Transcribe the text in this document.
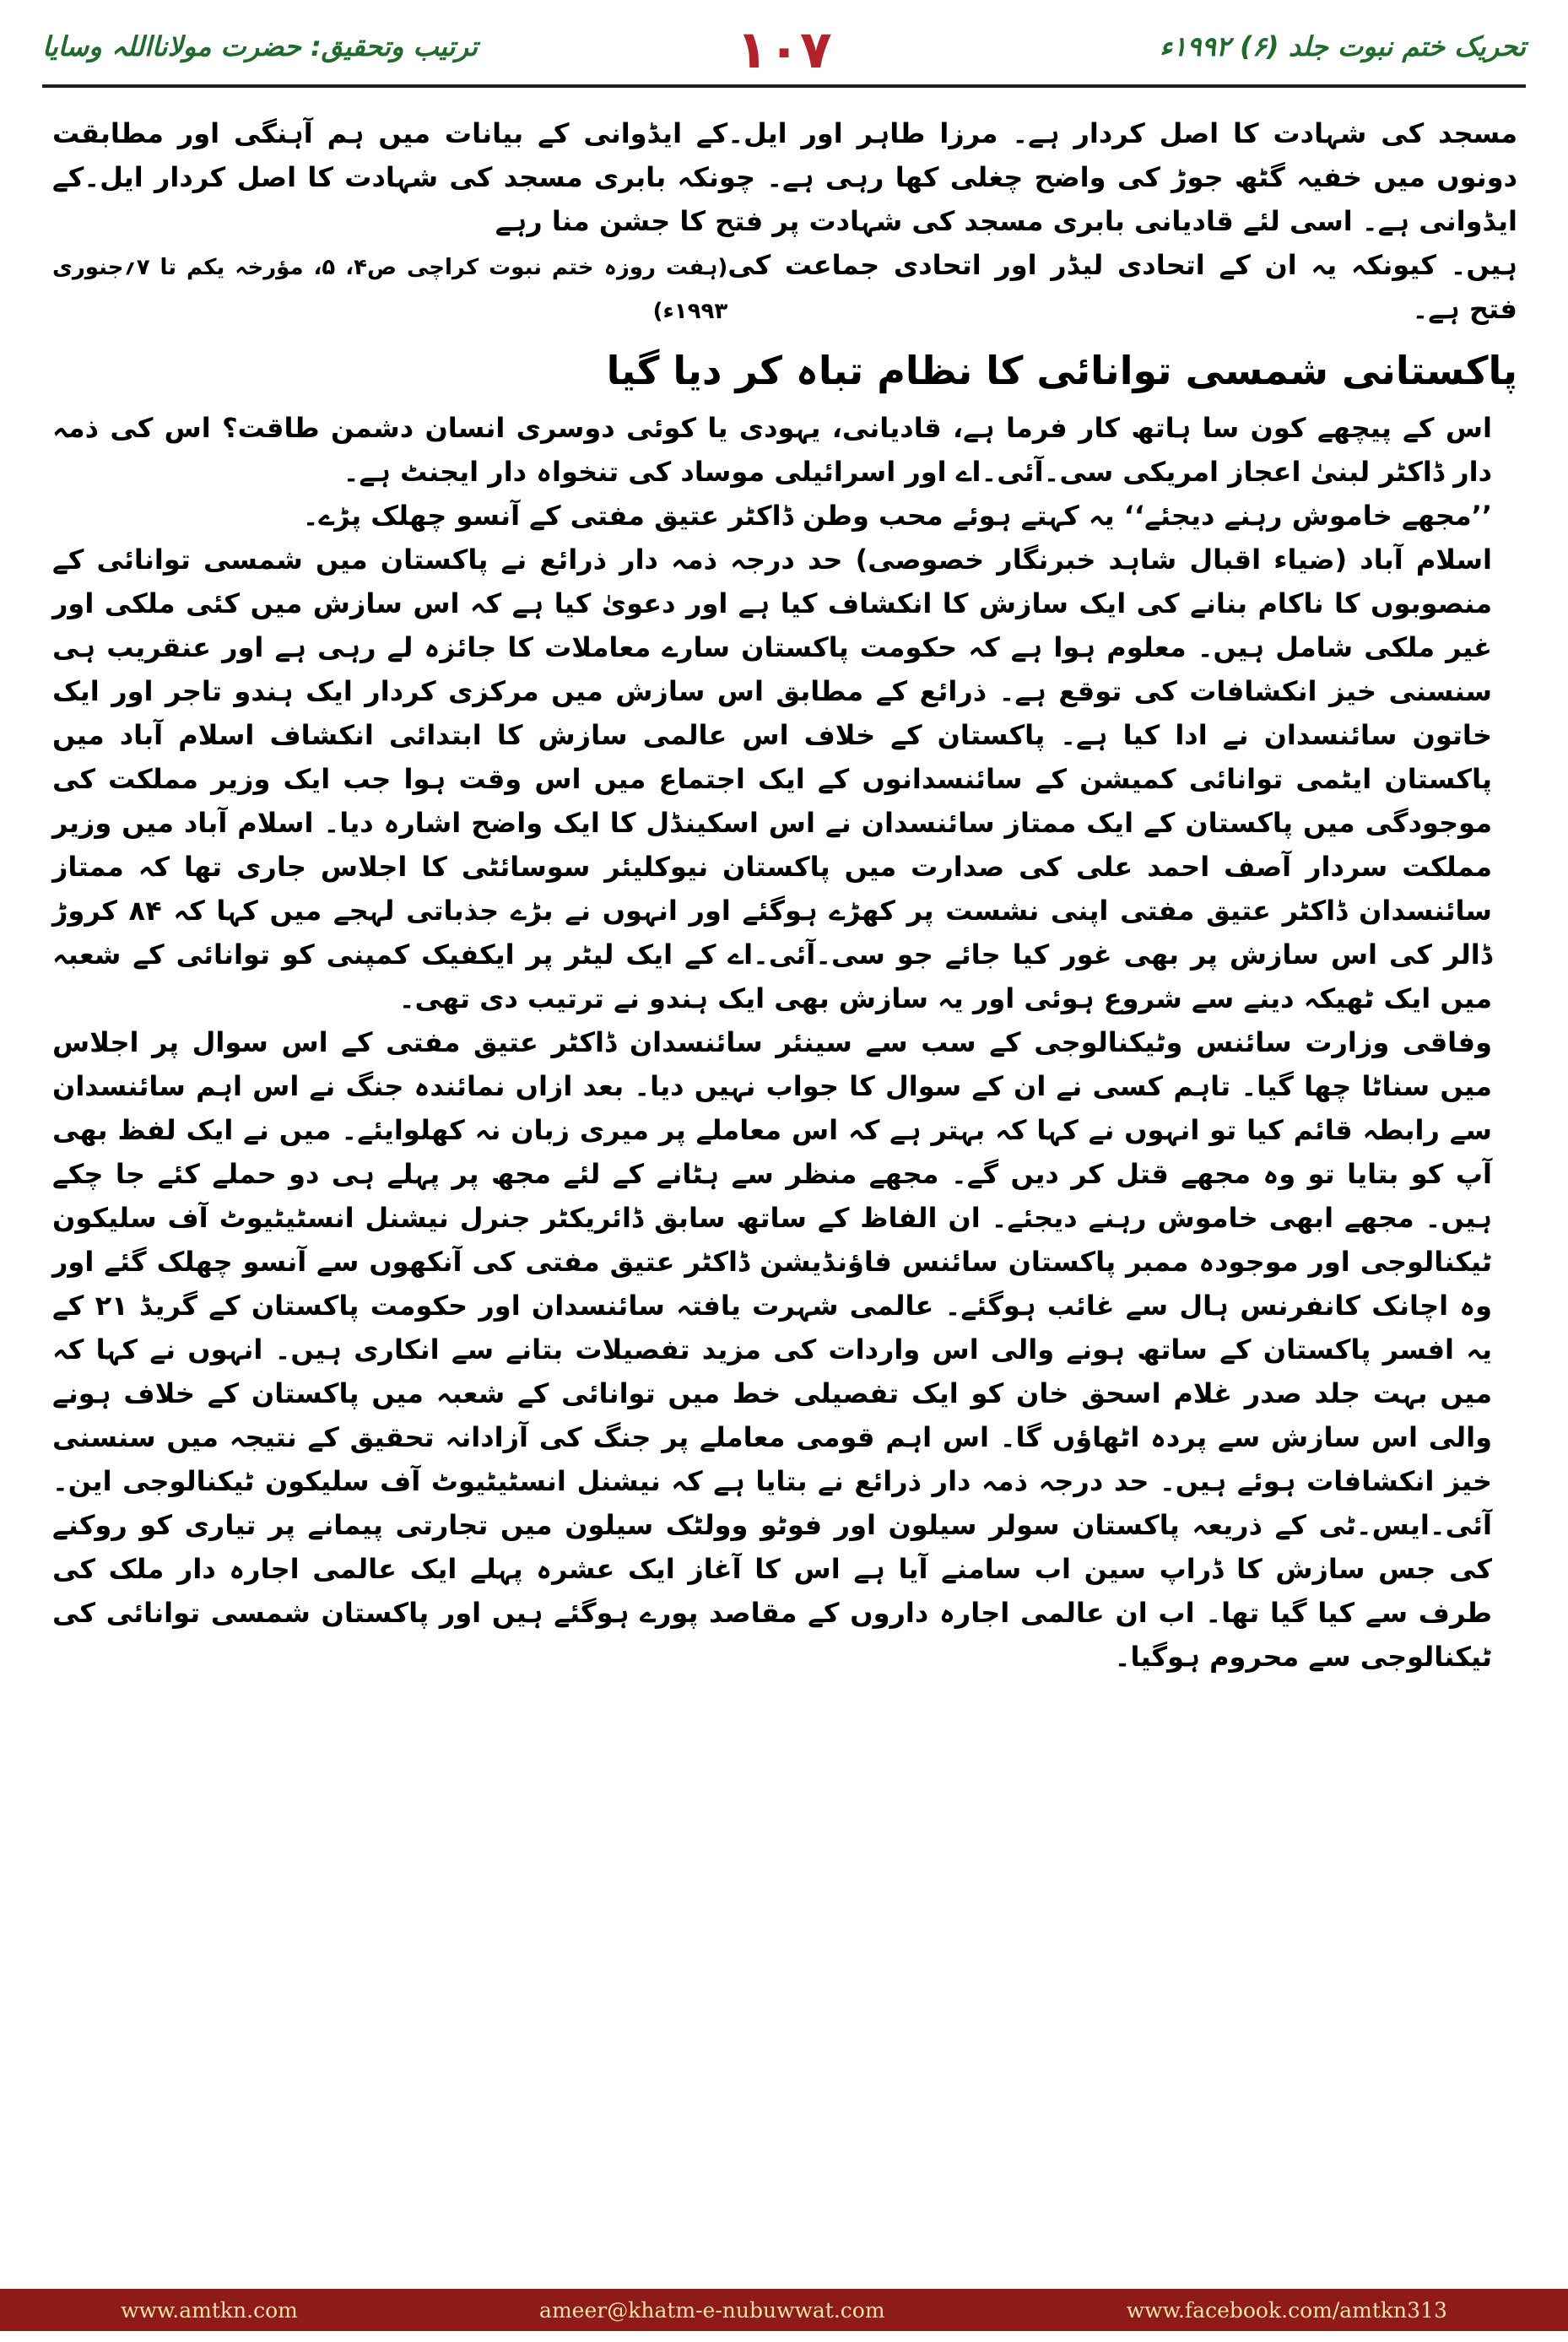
تحریک ختم نبوت جلد (۶) ۱۹۹۲ء
۱۰۷
ترتیب وتحقیق: حضرت مولانااللہ وسایا

مسجد کی شہادت کا اصل کردار ہے۔ مرزا طاہر اور ایل۔کے ایڈوانی کے بیانات میں ہم آہنگی اور مطابقت دونوں میں خفیہ گٹھ جوڑ کی واضح چغلی کھا رہی ہے۔ چونکہ بابری مسجد کی شہادت کا اصل کردار ایل۔کے ایڈوانی ہے۔ اسی لئے قادیانی بابری مسجد کی شہادت پر فتح کا جشن منا رہے

ہیں۔ کیونکہ یہ ان کے اتحادی لیڈر اور اتحادی جماعت کی فتح ہے۔
(ہفت روزہ ختم نبوت کراچی ص۴، ۵، مؤرخہ یکم تا ۷؍جنوری ۱۹۹۳ء)
پاکستانی شمسی توانائی کا نظام تباہ کر دیا گیا

اس کے پیچھے کون سا ہاتھ کار فرما ہے، قادیانی، یہودی یا کوئی دوسری انسان دشمن طاقت؟ اس کی ذمہ دار ڈاکٹر لبنیٰ اعجاز امریکی سی۔آئی۔اے اور اسرائیلی موساد کی تنخواہ دار ایجنٹ ہے۔

’’مجھے خاموش رہنے دیجئے‘‘ یہ کہتے ہوئے محب وطن ڈاکٹر عتیق مفتی کے آنسو چھلک پڑے۔

اسلام آباد (ضیاء اقبال شاہد خبرنگار خصوصی) حد درجہ ذمہ دار ذرائع نے پاکستان میں شمسی توانائی کے منصوبوں کا ناکام بنانے کی ایک سازش کا انکشاف کیا ہے اور دعویٰ کیا ہے کہ اس سازش میں کئی ملکی اور غیر ملکی شامل ہیں۔ معلوم ہوا ہے کہ حکومت پاکستان سارے معاملات کا جائزہ لے رہی ہے اور عنقریب ہی سنسنی خیز انکشافات کی توقع ہے۔ ذرائع کے مطابق اس سازش میں مرکزی کردار ایک ہندو تاجر اور ایک خاتون سائنسدان نے ادا کیا ہے۔ پاکستان کے خلاف اس عالمی سازش کا ابتدائی انکشاف اسلام آباد میں پاکستان ایٹمی توانائی کمیشن کے سائنسدانوں کے ایک اجتماع میں اس وقت ہوا جب ایک وزیر مملکت کی موجودگی میں پاکستان کے ایک ممتاز سائنسدان نے اس اسکینڈل کا ایک واضح اشارہ دیا۔ اسلام آباد میں وزیر مملکت سردار آصف احمد علی کی صدارت میں پاکستان نیوکلیئر سوسائٹی کا اجلاس جاری تھا کہ ممتاز سائنسدان ڈاکٹر عتیق مفتی اپنی نشست پر کھڑے ہوگئے اور انہوں نے بڑے جذباتی لہجے میں کہا کہ ۸۴ کروڑ ڈالر کی اس سازش پر بھی غور کیا جائے جو سی۔آئی۔اے کے ایک لیٹر پر ایکفیک کمپنی کو توانائی کے شعبہ میں ایک ٹھیکہ دینے سے شروع ہوئی اور یہ سازش بھی ایک ہندو نے ترتیب دی تھی۔

وفاقی وزارت سائنس وٹیکنالوجی کے سب سے سینئر سائنسدان ڈاکٹر عتیق مفتی کے اس سوال پر اجلاس میں سناٹا چھا گیا۔ تاہم کسی نے ان کے سوال کا جواب نہیں دیا۔ بعد ازاں نمائندہ جنگ نے اس اہم سائنسدان سے رابطہ قائم کیا تو انہوں نے کہا کہ بہتر ہے کہ اس معاملے پر میری زبان نہ کھلوایئے۔ میں نے ایک لفظ بھی آپ کو بتایا تو وہ مجھے قتل کر دیں گے۔ مجھے منظر سے ہٹانے کے لئے مجھ پر پہلے ہی دو حملے کئے جا چکے ہیں۔ مجھے ابھی خاموش رہنے دیجئے۔ ان الفاظ کے ساتھ سابق ڈائریکٹر جنرل نیشنل انسٹیٹیوٹ آف سلیکون ٹیکنالوجی اور موجودہ ممبر پاکستان سائنس فاؤنڈیشن ڈاکٹر عتیق مفتی کی آنکھوں سے آنسو چھلک گئے اور وہ اچانک کانفرنس ہال سے غائب ہوگئے۔ عالمی شہرت یافتہ سائنسدان اور حکومت پاکستان کے گریڈ ۲۱ کے یہ افسر پاکستان کے ساتھ ہونے والی اس واردات کی مزید تفصیلات بتانے سے انکاری ہیں۔ انہوں نے کہا کہ میں بہت جلد صدر غلام اسحق خان کو ایک تفصیلی خط میں توانائی کے شعبہ میں پاکستان کے خلاف ہونے والی اس سازش سے پردہ اٹھاؤں گا۔ اس اہم قومی معاملے پر جنگ کی آزادانہ تحقیق کے نتیجہ میں سنسنی خیز انکشافات ہوئے ہیں۔ حد درجہ ذمہ دار ذرائع نے بتایا ہے کہ نیشنل انسٹیٹیوٹ آف سلیکون ٹیکنالوجی این۔آئی۔ایس۔ٹی کے ذریعہ پاکستان سولر سیلون اور فوٹو وولٹک سیلون میں تجارتی پیمانے پر تیاری کو روکنے کی جس سازش کا ڈراپ سین اب سامنے آیا ہے اس کا آغاز ایک عشرہ پہلے ایک عالمی اجارہ دار ملک کی طرف سے کیا گیا تھا۔ اب ان عالمی اجارہ داروں کے مقاصد پورے ہوگئے ہیں اور پاکستان شمسی توانائی کی ٹیکنالوجی سے محروم ہوگیا۔

www.amtkn.com	ameer@khatm-e-nubuwwat.com	www.facebook.com/amtkn313
